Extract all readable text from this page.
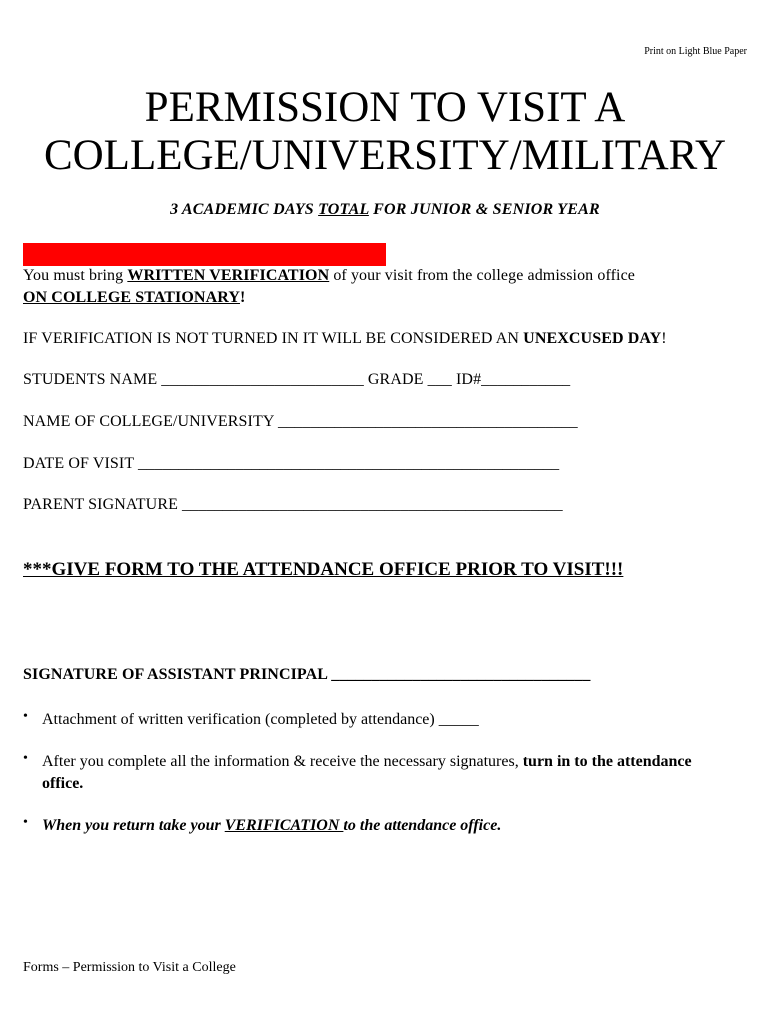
Print on Light Blue Paper
PERMISSION TO VISIT A
COLLEGE/UNIVERSITY/MILITARY
3 ACADEMIC DAYS TOTAL FOR JUNIOR & SENIOR YEAR
You must bring WRITTEN VERIFICATION of your visit from the college admission office
ON COLLEGE STATIONARY!
IF VERIFICATION IS NOT TURNED IN IT WILL BE CONSIDERED AN UNEXCUSED DAY!
STUDENTS NAME _________________________ GRADE ___ ID#___________
NAME OF COLLEGE/UNIVERSITY _____________________________________
DATE OF VISIT ____________________________________________________
PARENT SIGNATURE _______________________________________________
***GIVE FORM TO THE ATTENDANCE OFFICE PRIOR TO VISIT!!!
SIGNATURE OF ASSISTANT PRINCIPAL ________________________________
• Attachment of written verification (completed by attendance) _____
• After you complete all the information & receive the necessary signatures, turn in to the attendance office.
• When you return take your VERIFICATION to the attendance office.
Forms – Permission to Visit a College
